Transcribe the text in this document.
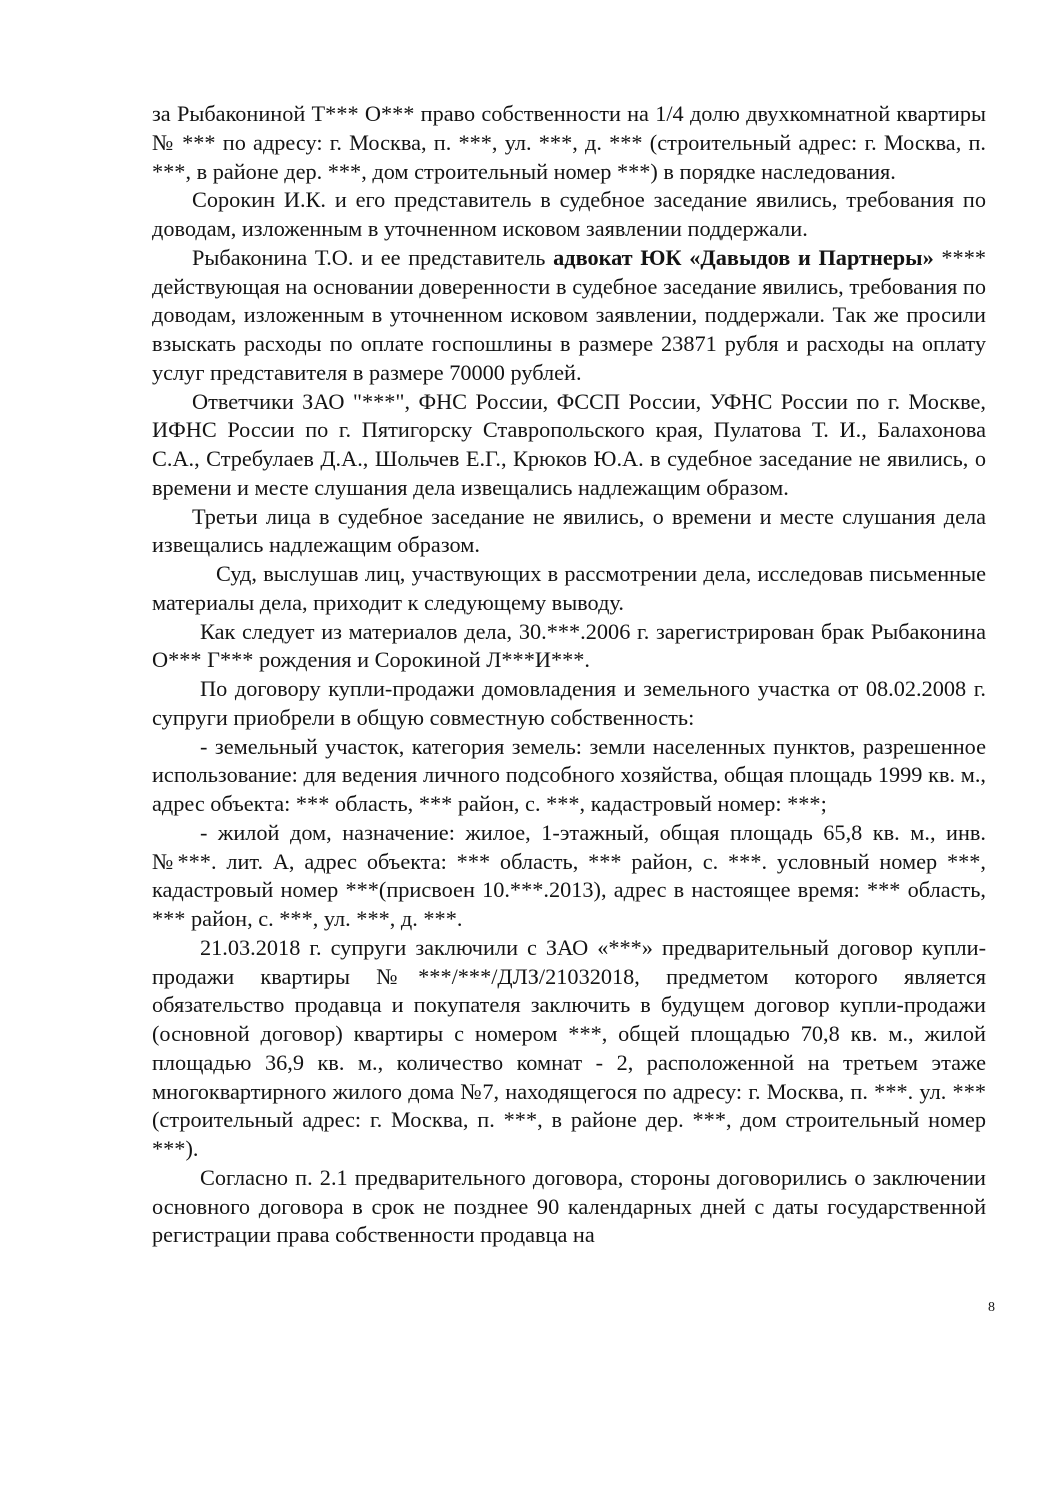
за Рыбакониной Т*** О*** право собственности на 1/4 долю двухкомнатной квартиры № *** по адресу: г. Москва, п. ***, ул. ***, д. *** (строительный адрес: г. Москва, п. ***, в районе дер. ***, дом строительный номер ***) в порядке наследования.

Сорокин И.К. и его представитель в судебное заседание явились, требования по доводам, изложенным в уточненном исковом заявлении поддержали.

Рыбаконина Т.О. и ее представитель адвокат ЮК «Давыдов и Партнеры» **** действующая на основании доверенности в судебное заседание явились, требования по доводам, изложенным в уточненном исковом заявлении, поддержали. Так же просили взыскать расходы по оплате госпошлины в размере 23871 рубля и расходы на оплату услуг представителя в размере 70000 рублей.

Ответчики ЗАО "***", ФНС России, ФССП России, УФНС России по г. Москве, ИФНС России по г. Пятигорску Ставропольского края, Пулатова Т. И., Балахонова С.А., Стребулаев Д.А., Шольчев Е.Г., Крюков Ю.А. в судебное заседание не явились, о времени и месте слушания дела извещались надлежащим образом.

Третьи лица в судебное заседание не явились, о времени и месте слушания дела извещались надлежащим образом.

Суд, выслушав лиц, участвующих в рассмотрении дела, исследовав письменные материалы дела, приходит к следующему выводу.

Как следует из материалов дела, 30.***.2006 г. зарегистрирован брак Рыбаконина О*** Г*** рождения и Сорокиной Л***И***.

По договору купли-продажи домовладения и земельного участка от 08.02.2008 г. супруги приобрели в общую совместную собственность:

- земельный участок, категория земель: земли населенных пунктов, разрешенное использование: для ведения личного подсобного хозяйства, общая площадь 1999 кв. м., адрес объекта: *** область, *** район, с. ***, кадастровый номер: ***;

- жилой дом, назначение: жилое, 1-этажный, общая площадь 65,8 кв. м., инв. №***. лит. А, адрес объекта: *** область, *** район, с. ***. условный номер ***, кадастровый номер ***(присвоен 10.***.2013), адрес в настоящее время: *** область, *** район, с. ***, ул. ***, д. ***.

21.03.2018 г. супруги заключили с ЗАО «***» предварительный договор купли-продажи квартиры №***/***/ДЛЗ/21032018, предметом которого является обязательство продавца и покупателя заключить в будущем договор купли-продажи (основной договор) квартиры с номером ***, общей площадью 70,8 кв. м., жилой площадью 36,9 кв. м., количество комнат - 2, расположенной на третьем этаже многоквартирного жилого дома №7, находящегося по адресу: г. Москва, п. ***. ул. *** (строительный адрес: г. Москва, п. ***, в районе дер. ***, дом строительный номер ***).

Согласно п. 2.1 предварительного договора, стороны договорились о заключении основного договора в срок не позднее 90 календарных дней с даты государственной регистрации права собственности продавца на

8
